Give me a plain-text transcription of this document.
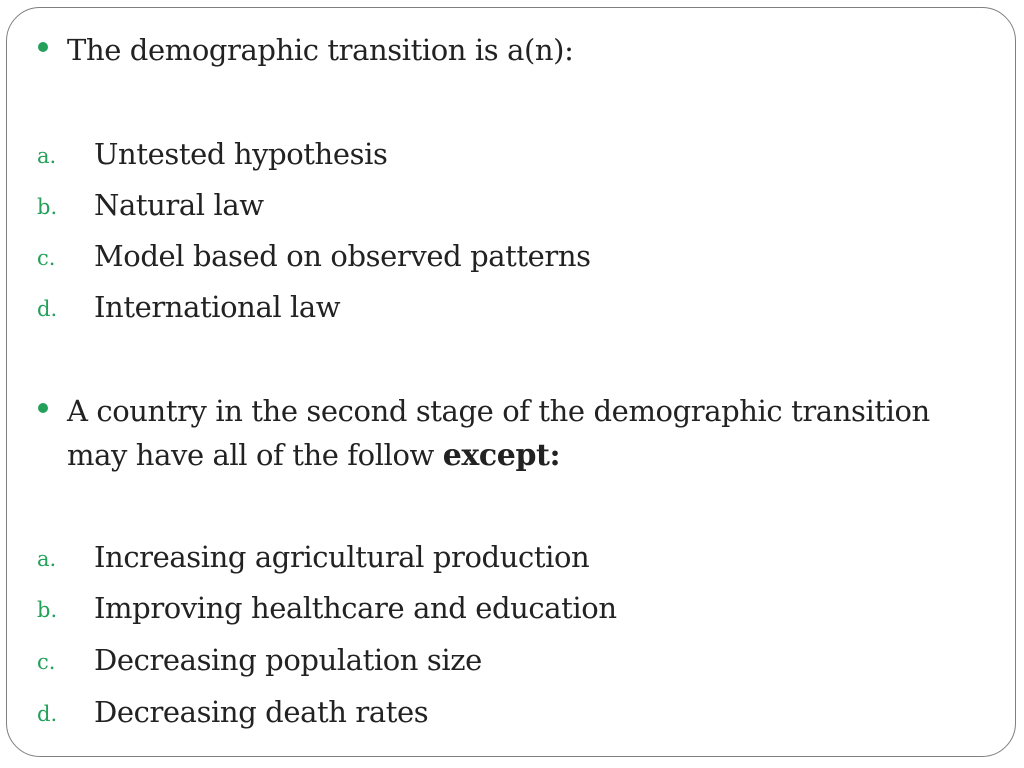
The demographic transition is a(n):
a. Untested hypothesis
b. Natural law
c. Model based on observed patterns
d. International law
A country in the second stage of the demographic transition may have all of the follow except:
a. Increasing agricultural production
b. Improving healthcare and education
c. Decreasing population size
d. Decreasing death rates
